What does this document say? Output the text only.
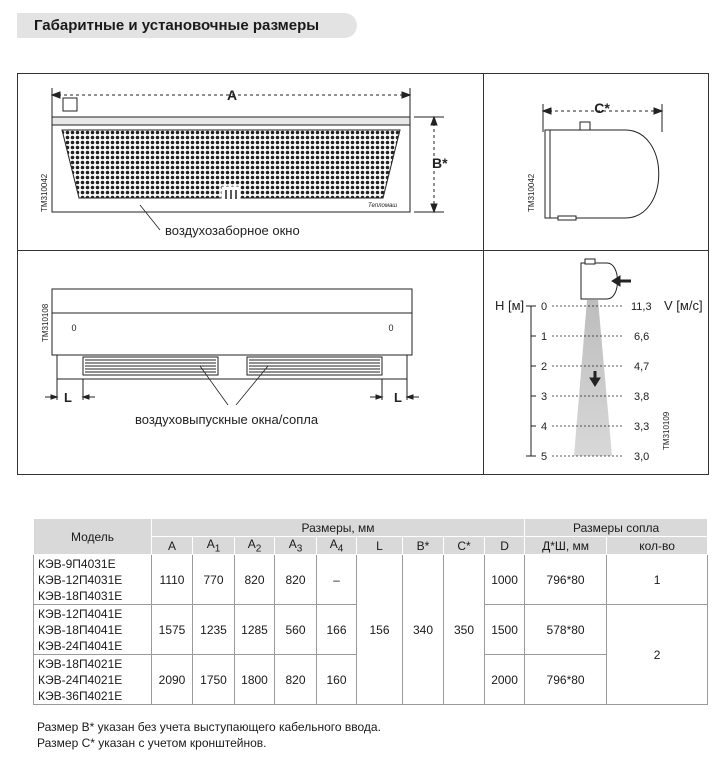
Габаритные и установочные размеры
A
B*
ТМ310042	Тепломаш
воздухозаборное окно
C*
ТМ310042
ТМ310108 0	0
L	L
воздуховыпускные окна/сопла
H [м]	V [м/с]
0
1
2
3
4
5
11,3
6,6
4,7
3,8
3,3
3,0
ТМ310109
Модель	Размеры, мм									Размеры сопла	
	A	$A_1$	$A_2$	$A_3$	$A_4$	L	B*	C*	D	Д*Ш, мм	кол-во

КЭВ-9П4031Е
КЭВ-12П4031Е
КЭВ-18П4031Е	1110	770	820	820	–	156	340	350	1000	796*80	1

КЭВ-12П4041Е
КЭВ-18П4041Е
КЭВ-24П4041Е	1575	1235	1285	560	166				1500	578*80	2

КЭВ-18П4021Е
КЭВ-24П4021Е
КЭВ-36П4021Е	2090	1750	1800	820	160				2000	796*80	
Размер В* указан без учета выступающего кабельного ввода.
Размер С* указан с учетом кронштейнов.
